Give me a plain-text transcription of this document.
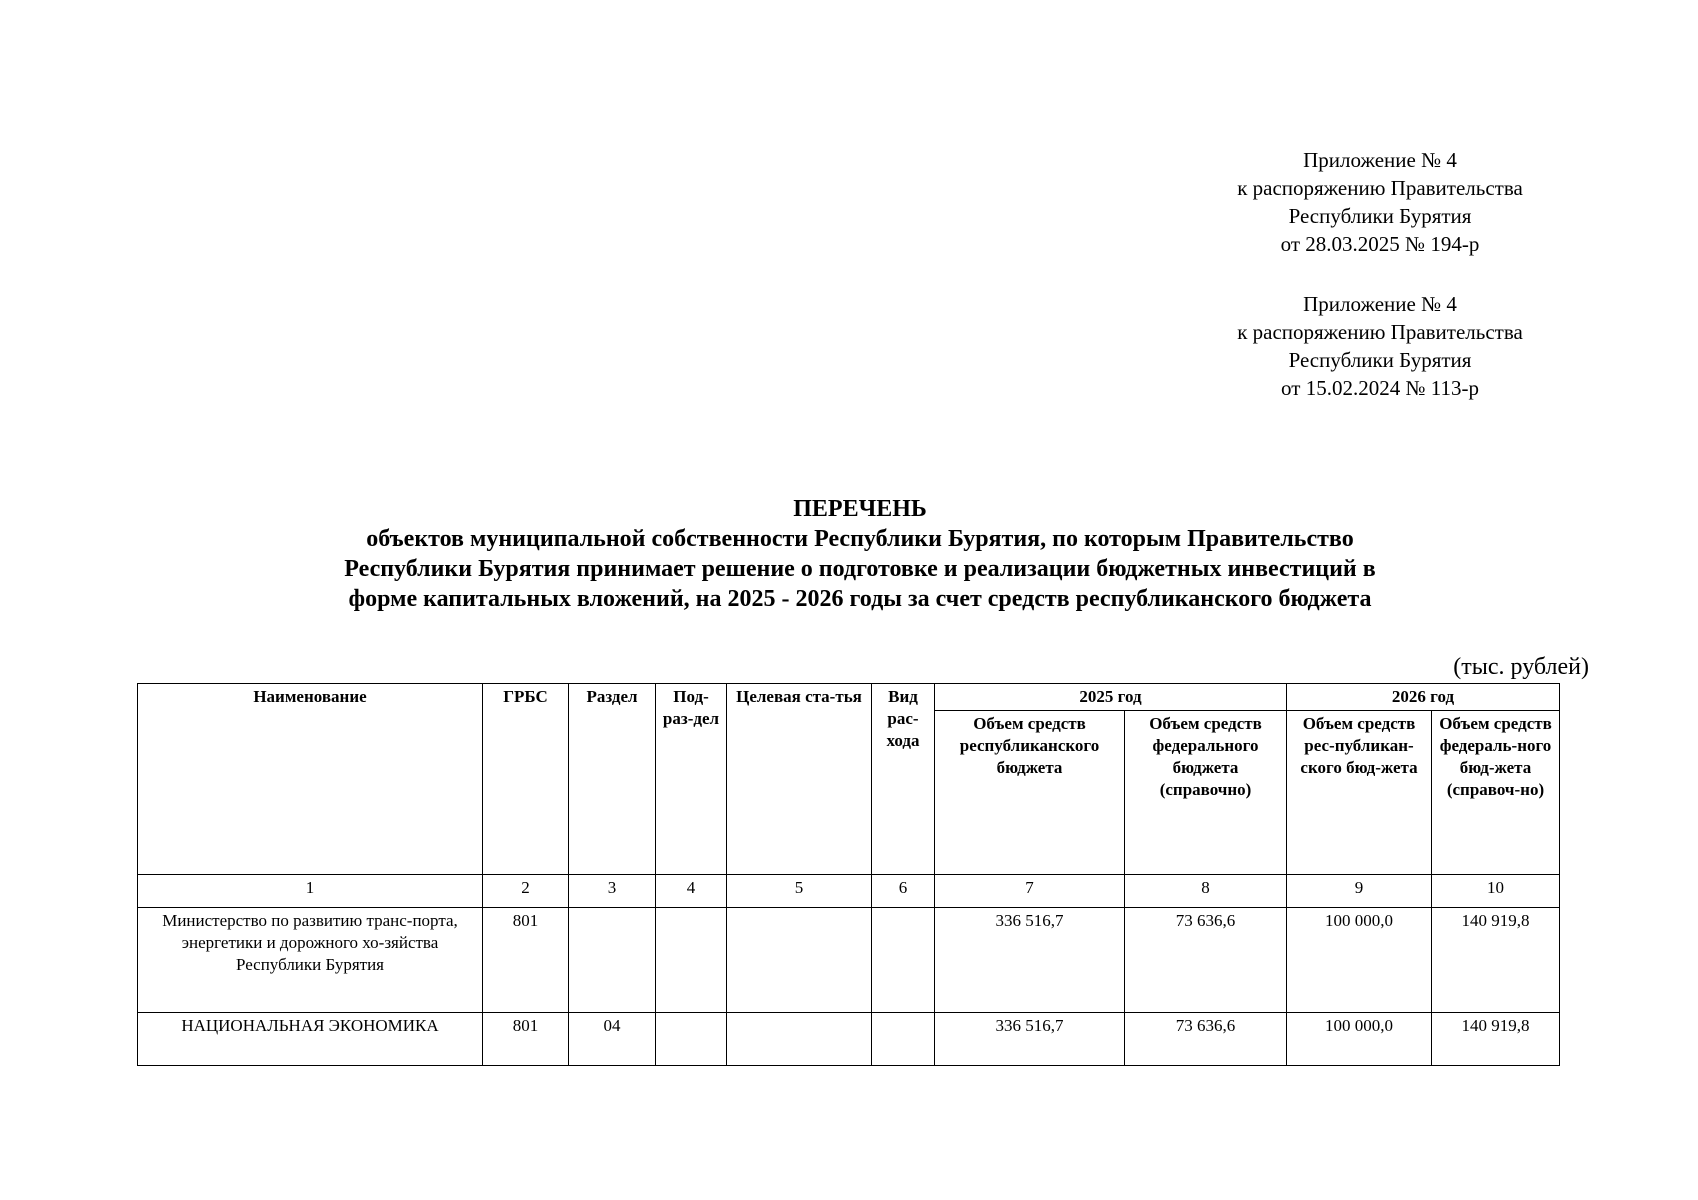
Приложение № 4

к распоряжению Правительства

Республики Бурятия

от 28.03.2025 № 194-р

Приложение № 4

к распоряжению Правительства

Республики Бурятия

от 15.02.2024 № 113-р

ПЕРЕЧЕНЬ

объектов муниципальной собственности Республики Бурятия, по которым Правительство

Республики Бурятия принимает решение о подготовке и реализации бюджетных инвестиций в

форме капитальных вложений, на 2025 - 2026 годы за счет средств республиканского бюджета

(тыс. рублей)
Наименование	ГРБС	Раздел	Под-раз-дел	Целевая ста-тья	Вид рас-хода	2025 год		2026 год	
						Объем средств республиканского бюджета	Объем средств федерального бюджета (справочно)	Объем средств рес-публикан-ского бюд-жета	Объем средств федераль-ного бюд-жета (справоч-но)
1	2	3	4	5	6	7	8	9	10
Министерство по развитию транс-порта, энергетики и дорожного хо-зяйства Республики Бурятия	801					336 516,7	73 636,6	100 000,0	140 919,8
НАЦИОНАЛЬНАЯ ЭКОНОМИКА	801	04				336 516,7	73 636,6	100 000,0	140 919,8
